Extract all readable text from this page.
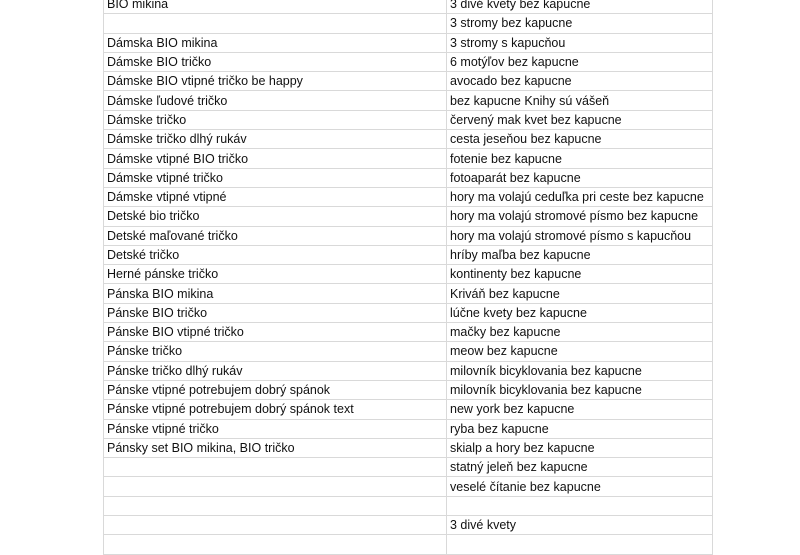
BIO mikina	3 divé kvety bez kapucne
	3 stromy bez kapucne
Dámska BIO mikina	3 stromy s kapucňou
Dámske BIO tričko	6 motýľov bez kapucne
Dámske BIO vtipné tričko be happy	avocado bez kapucne
Dámske ľudové tričko	bez kapucne Knihy sú vášeň
Dámske tričko	červený mak kvet bez kapucne
Dámske tričko dlhý rukáv	cesta jeseňou bez kapucne
Dámske vtipné BIO tričko	fotenie bez kapucne
Dámske vtipné tričko	fotoaparát bez kapucne
Dámske vtipné vtipné	hory ma volajú ceduľka pri ceste bez kapucne
Detské bio tričko	hory ma volajú stromové písmo bez kapucne
Detské maľované tričko	hory ma volajú stromové písmo s kapucňou
Detské tričko	hríby maľba bez kapucne
Herné pánske tričko	kontinenty bez kapucne
Pánska BIO mikina	Kriváň bez kapucne
Pánske BIO tričko	lúčne kvety bez kapucne
Pánske BIO vtipné tričko	mačky bez kapucne
Pánske tričko	meow bez kapucne
Pánske tričko dlhý rukáv	milovník bicyklovania bez kapucne
Pánske vtipné potrebujem dobrý spánok	milovník bicyklovania bez kapucne
Pánske vtipné potrebujem dobrý spánok text	new york bez kapucne
Pánske vtipné tričko	ryba bez kapucne
Pánsky set BIO mikina, BIO tričko	skialp a hory bez kapucne
	statný jeleň bez kapucne
	veselé čítanie bez kapucne

	3 divé kvety
